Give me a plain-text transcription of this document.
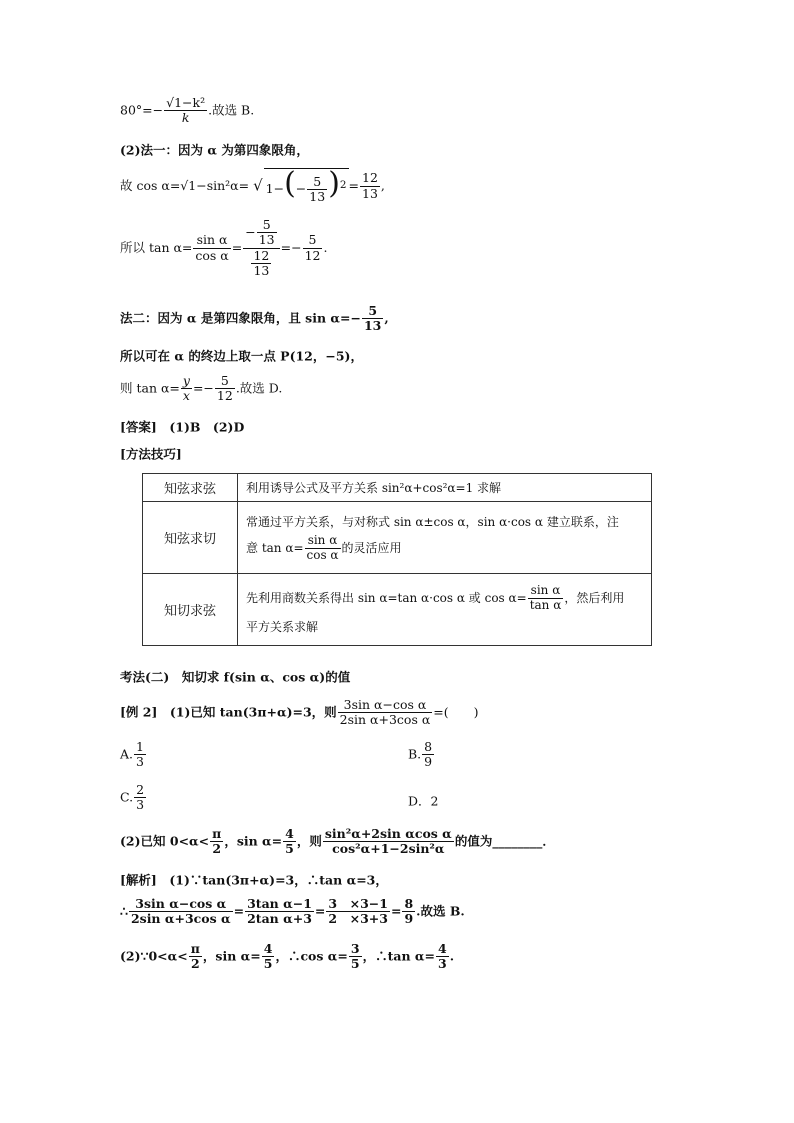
$80^\circ=- \frac{\text{√1−k²}}{k}$ .故选 B.
(2)法一：因为 α 为第四象限角，
故 cos α=√1−sin²α= √ $1-(- \frac{5}{13} )^2 = \frac{12}{13}$ ,
所以 $\tan \alpha= \frac{\text{sin α}}{\text{cos α}} = \frac{- \frac{5}{13}}{\frac{12}{13}} =- \frac{5}{12}$ .
法二：因为 α 是第四象限角，且 $\sin \alpha=- \frac{5}{13}$ ,
所以可在 α 的终边上取一点 P(12，−5)，
则 $\tan \alpha= \frac{y}{x} =- \frac{5}{12}$ .故选 D.
[答案]　(1)B　(2)D
[方法技巧]
知弦求弦	利用诱导公式及平方关系 sin²α+cos²α=1 求解
知弦求切	常通过平方关系，与对称式 sin α±cos α，sin α·cos α 建立联系，注
意 $\tan \alpha= \frac{\text{sin α}}{\text{cos α}}$ 的灵活应用

知切求弦	先利用商数关系得出 sin α=tan α·cos α 或 $\cos \alpha= \frac{\text{sin α}}{\text{tan α}}$ ，然后利用
平方关系求解
考法(二)　知切求 f(sin α、cos α)的值
[例 2]　(1)已知 tan(3π+α)=3，则 $\frac{\text{3sin α−cos α}}{\text{2sin α+3cos α}}$ =(　　)
A. $\frac{1}{3}$	B. $\frac{8}{9}$
C. $\frac{2}{3}$	D．2
(2)已知 $0<\alpha< \frac{\pi}{2}$ ，$\sin \alpha= \frac{4}{5}$ ，则 $\frac{\text{sin²α+2sin αcos α}}{\text{cos²α+1−2sin²α}}$ 的值为________．
[解析]　(1)∵tan(3π+α)=3，∴tan α=3，
∴ $\frac{\text{3sin α−cos α}}{\text{2sin α+3cos α}} = \frac{\text{3tan α−1}}{\text{2tan α+3}} = \frac{3 \times 3-1}{2 \times 3+3} = \frac{8}{9}$ .故选 B.
(2)∵0<α< $\frac{\pi}{2}$ ，$\sin \alpha= \frac{4}{5}$ ，∴cos $\alpha= \frac{3}{5}$ ，∴tan $\alpha= \frac{4}{3}$ .
